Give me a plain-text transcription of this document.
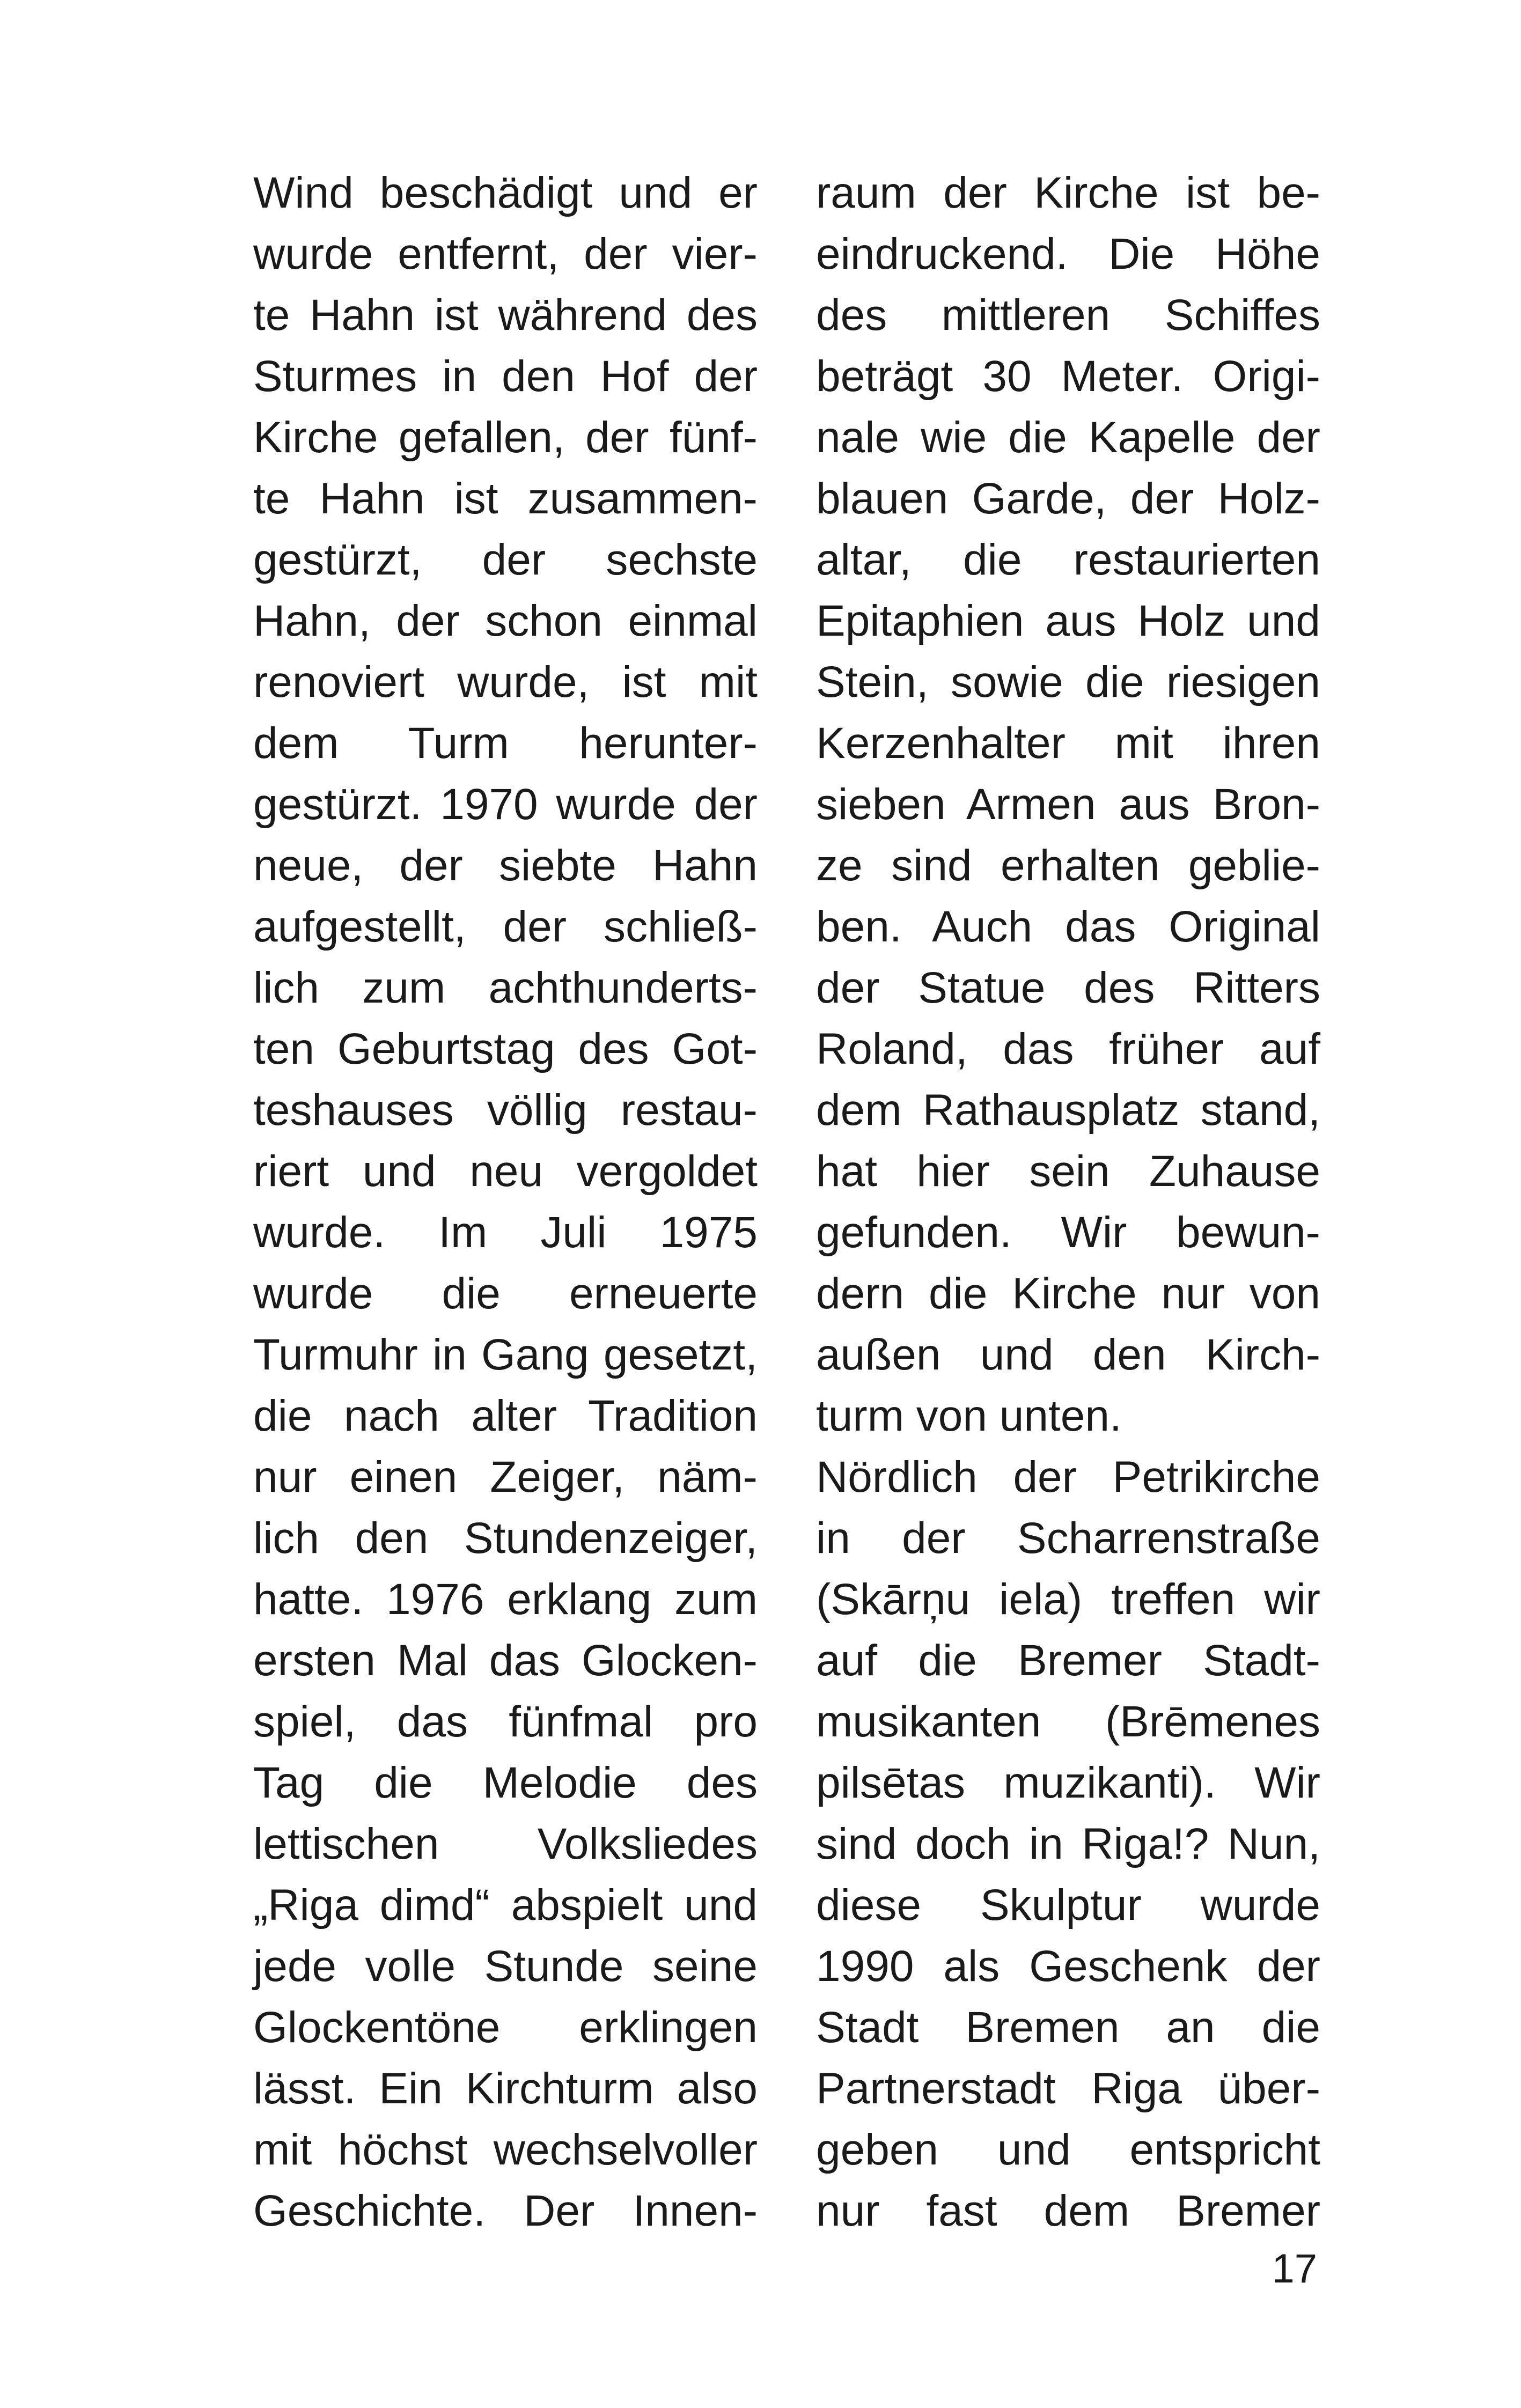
Wind beschädigt und er
wurde entfernt, der vier-
te Hahn ist während des
Sturmes in den Hof der
Kirche gefallen, der fünf-
te Hahn ist zusammen-
gestürzt, der sechste
Hahn, der schon einmal
renoviert wurde, ist mit
dem Turm herunter-
gestürzt. 1970 wurde der
neue, der siebte Hahn
aufgestellt, der schließ-
lich zum achthunderts-
ten Geburtstag des Got-
teshauses völlig restau-
riert und neu vergoldet
wurde. Im Juli 1975
wurde die erneuerte
Turmuhr in Gang gesetzt,
die nach alter Tradition
nur einen Zeiger, näm-
lich den Stundenzeiger,
hatte. 1976 erklang zum
ersten Mal das Glocken-
spiel, das fünfmal pro
Tag die Melodie des
lettischen Volksliedes
„Riga dimd“ abspielt und
jede volle Stunde seine
Glockentöne erklingen
lässt. Ein Kirchturm also
mit höchst wechselvoller
Geschichte. Der Innen-
raum der Kirche ist be-
eindruckend. Die Höhe
des mittleren Schiffes
beträgt 30 Meter. Origi-
nale wie die Kapelle der
blauen Garde, der Holz-
altar, die restaurierten
Epitaphien aus Holz und
Stein, sowie die riesigen
Kerzenhalter mit ihren
sieben Armen aus Bron-
ze sind erhalten geblie-
ben. Auch das Original
der Statue des Ritters
Roland, das früher auf
dem Rathausplatz stand,
hat hier sein Zuhause
gefunden. Wir bewun-
dern die Kirche nur von
außen und den Kirch-
turm von unten.
Nördlich der Petrikirche
in der Scharrenstraße
(Skārņu iela) treffen wir
auf die Bremer Stadt-
musikanten (Brēmenes
pilsētas muzikanti). Wir
sind doch in Riga!? Nun,
diese Skulptur wurde
1990 als Geschenk der
Stadt Bremen an die
Partnerstadt Riga über-
geben und entspricht
nur fast dem Bremer
17
